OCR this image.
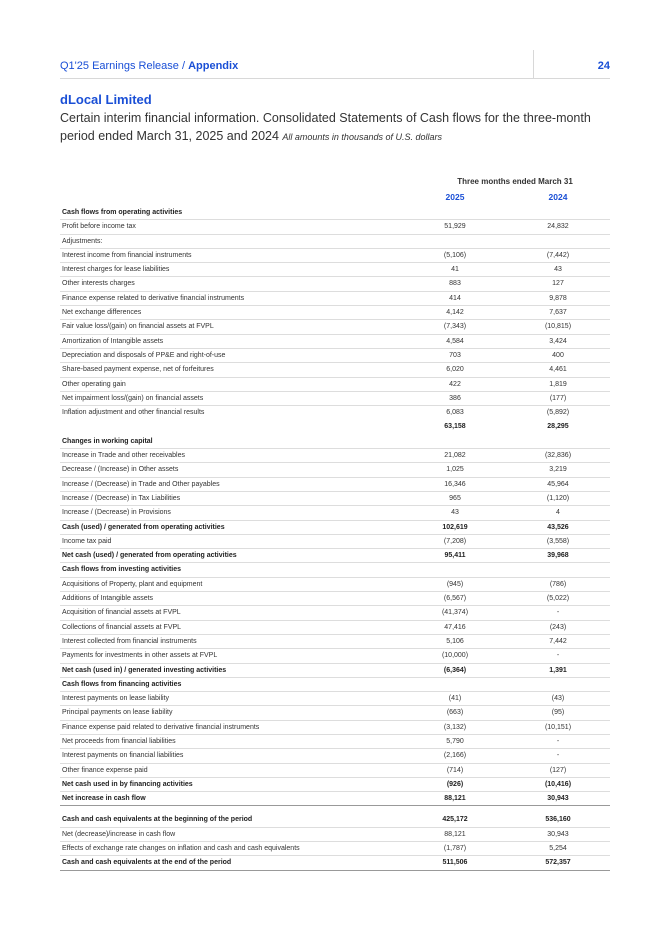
Q1'25 Earnings Release / Appendix	24
dLocal Limited
Certain interim financial information. Consolidated Statements of Cash flows for the three-month period ended March 31, 2025 and 2024 All amounts in thousands of U.S. dollars
Three months ended March 31
2025	2024
Cash flows from operating activities
Profit before income tax	51,929	24,832
Adjustments:
Interest income from financial instruments	(5,106)	(7,442)
Interest charges for lease liabilities	41	43
Other interests charges	883	127
Finance expense related to derivative financial instruments	414	9,878
Net exchange differences	4,142	7,637
Fair value loss/(gain) on financial assets at FVPL	(7,343)	(10,815)
Amortization of Intangible assets	4,584	3,424
Depreciation and disposals of PP&E and right-of-use	703	400
Share-based payment expense, net of forfeitures	6,020	4,461
Other operating gain	422	1,819
Net impairment loss/(gain) on financial assets	386	(177)
Inflation adjustment and other financial results	6,083	(5,892)
63,158	28,295
Changes in working capital
Increase in Trade and other receivables	21,082	(32,836)
Decrease / (Increase) in Other assets	1,025	3,219
Increase / (Decrease) in Trade and Other payables	16,346	45,964
Increase / (Decrease) in Tax Liabilities	965	(1,120)
Increase / (Decrease) in Provisions	43	4
Cash (used) / generated from operating activities	102,619	43,526
Income tax paid	(7,208)	(3,558)
Net cash (used) / generated from operating activities	95,411	39,968
Cash flows from investing activities
Acquisitions of Property, plant and equipment	(945)	(786)
Additions of Intangible assets	(6,567)	(5,022)
Acquisition of financial assets at FVPL	(41,374)	-
Collections of financial assets at FVPL	47,416	(243)
Interest collected from financial instruments	5,106	7,442
Payments for investments in other assets at FVPL	(10,000)	-
Net cash (used in) / generated investing activities	(6,364)	1,391
Cash flows from financing activities
Interest payments on lease liability	(41)	(43)
Principal payments on lease liability	(663)	(95)
Finance expense paid related to derivative financial instruments	(3,132)	(10,151)
Net proceeds from financial liabilities	5,790	-
Interest payments on financial liabilities	(2,166)	-
Other finance expense paid	(714)	(127)
Net cash used in by financing activities	(926)	(10,416)
Net increase in cash flow	88,121	30,943
Cash and cash equivalents at the beginning of the period	425,172	536,160
Net (decrease)/increase in cash flow	88,121	30,943
Effects of exchange rate changes on inflation and cash and cash equivalents	(1,787)	5,254
Cash and cash equivalents at the end of the period	511,506	572,357
